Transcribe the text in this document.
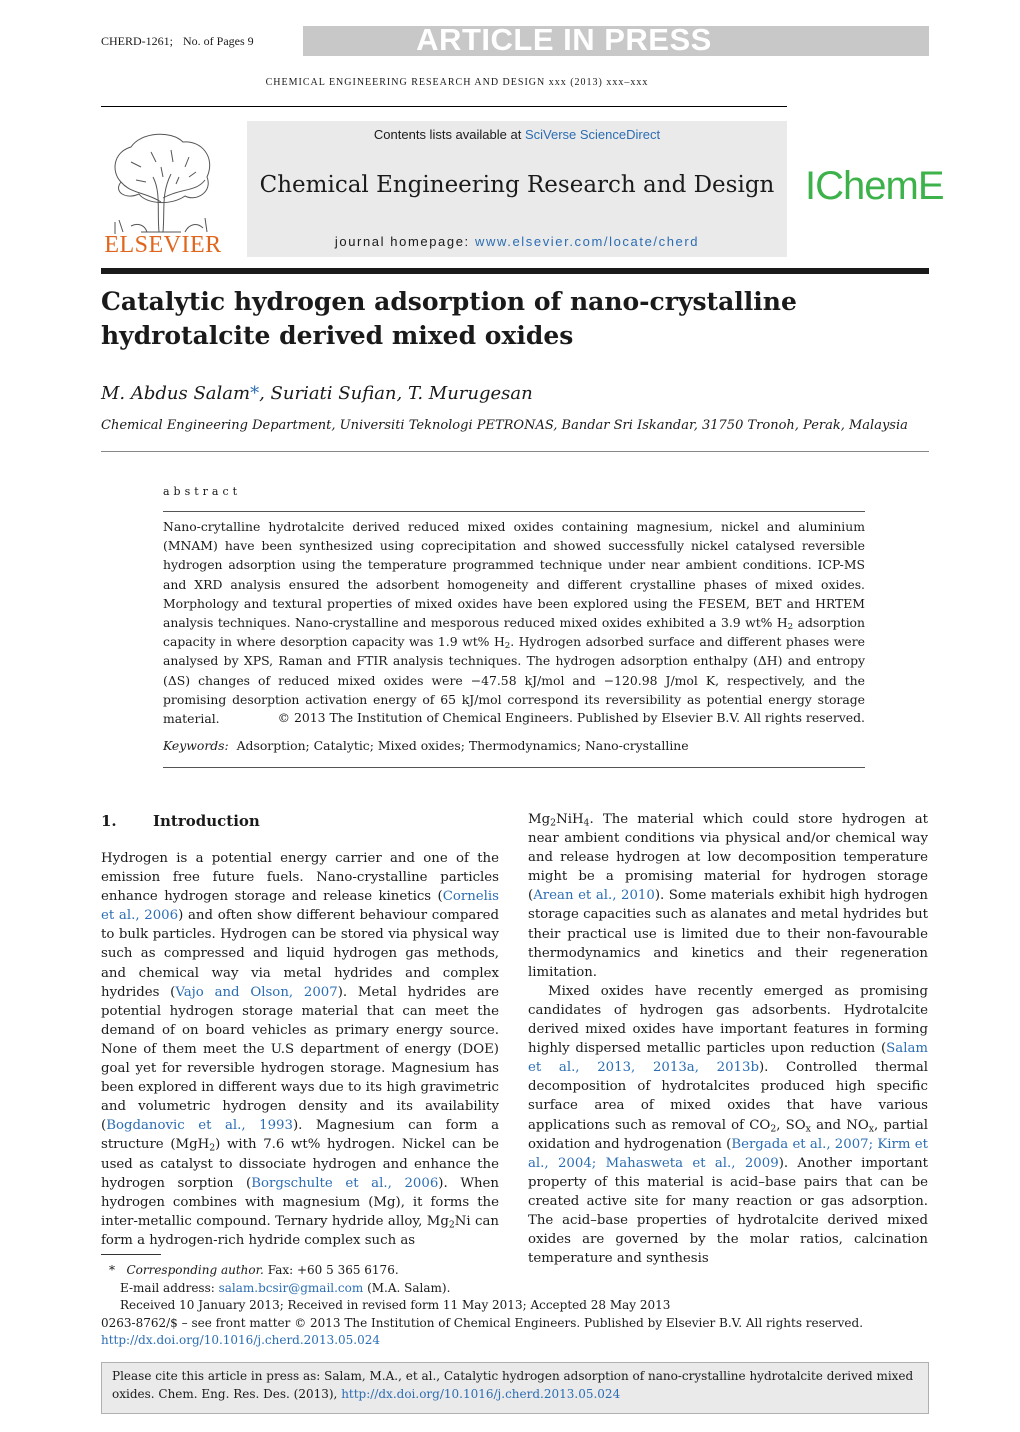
CHERD-1261; No. of Pages 9	ARTICLE IN PRESS
CHEMICAL ENGINEERING RESEARCH AND DESIGN xxx (2013) xxx–xxx
ELSEVIER
Contents lists available at SciVerse ScienceDirect
Chemical Engineering Research and Design
journal homepage: www.elsevier.com/locate/cherd
IChemE
Catalytic hydrogen adsorption of nano-crystalline
hydrotalcite derived mixed oxides
M. Abdus Salam*, Suriati Sufian, T. Murugesan
Chemical Engineering Department, Universiti Teknologi PETRONAS, Bandar Sri Iskandar, 31750 Tronoh, Perak, Malaysia
abstract
Nano-crytalline hydrotalcite derived reduced mixed oxides containing magnesium, nickel and aluminium (MNAM) have been synthesized using coprecipitation and showed successfully nickel catalysed reversible hydrogen adsorption using the temperature programmed technique under near ambient conditions. ICP-MS and XRD analysis ensured the adsorbent homogeneity and different crystalline phases of mixed oxides. Morphology and textural properties of mixed oxides have been explored using the FESEM, BET and HRTEM analysis techniques. Nano-crystalline and mesporous reduced mixed oxides exhibited a 3.9 wt% $H_2$ adsorption capacity in where desorption capacity was 1.9 wt% $H_2$. Hydrogen adsorbed surface and different phases were analysed by XPS, Raman and FTIR analysis techniques. The hydrogen adsorption enthalpy (ΔH) and entropy (ΔS) changes of reduced mixed oxides were −47.58 kJ/mol and −120.98 J/mol K, respectively, and the promising desorption activation energy of 65 kJ/mol correspond its reversibility as potential energy storage material.	© 2013 The Institution of Chemical Engineers. Published by Elsevier B.V. All rights reserved.
Keywords: Adsorption; Catalytic; Mixed oxides; Thermodynamics; Nano-crystalline
1. Introduction

Hydrogen is a potential energy carrier and one of the emission free future fuels. Nano-crystalline particles enhance hydrogen storage and release kinetics (Cornelis et al., 2006) and often show different behaviour compared to bulk particles. Hydrogen can be stored via physical way such as compressed and liquid hydrogen gas methods, and chemical way via metal hydrides and complex hydrides (Vajo and Olson, 2007). Metal hydrides are potential hydrogen storage material that can meet the demand of on board vehicles as primary energy source. None of them meet the U.S department of energy (DOE) goal yet for reversible hydrogen storage. Magnesium has been explored in different ways due to its high gravimetric and volumetric hydrogen density and its availability (Bogdanovic et al., 1993). Magnesium can form a structure (MgH$_2$) with 7.6 wt% hydrogen. Nickel can be used as catalyst to dissociate hydrogen and enhance the hydrogen sorption (Borgschulte et al., 2006). When hydrogen combines with magnesium (Mg), it forms the inter-metallic compound. Ternary hydride alloy, $Mg_2Ni$ can form a hydrogen-rich hydride complex such as

$Mg_2NiH_4$. The material which could store hydrogen at near ambient conditions via physical and/or chemical way and release hydrogen at low decomposition temperature might be a promising material for hydrogen storage (Arean et al., 2010). Some materials exhibit high hydrogen storage capacities such as alanates and metal hydrides but their practical use is limited due to their non-favourable thermodynamics and kinetics and their regeneration limitation.

Mixed oxides have recently emerged as promising candidates of hydrogen gas adsorbents. Hydrotalcite derived mixed oxides have important features in forming highly dispersed metallic particles upon reduction (Salam et al., 2013, 2013a, 2013b). Controlled thermal decomposition of hydrotalcites produced high specific surface area of mixed oxides that have various applications such as removal of $CO_2$, $SO_x$ and $NO_x$, partial oxidation and hydrogenation (Bergada et al., 2007; Kirm et al., 2004; Mahasweta et al., 2009). Another important property of this material is acid–base pairs that can be created active site for many reaction or gas adsorption. The acid–base properties of hydrotalcite derived mixed oxides are governed by the molar ratios, calcination temperature and synthesis

* Corresponding author. Fax: +60 5 365 6176.
E-mail address: salam.bcsir@gmail.com (M.A. Salam).
Received 10 January 2013; Received in revised form 11 May 2013; Accepted 28 May 2013
0263-8762/$ – see front matter © 2013 The Institution of Chemical Engineers. Published by Elsevier B.V. All rights reserved.
http://dx.doi.org/10.1016/j.cherd.2013.05.024
Please cite this article in press as: Salam, M.A., et al., Catalytic hydrogen adsorption of nano-crystalline hydrotalcite derived mixed oxides. Chem. Eng. Res. Des. (2013), http://dx.doi.org/10.1016/j.cherd.2013.05.024
